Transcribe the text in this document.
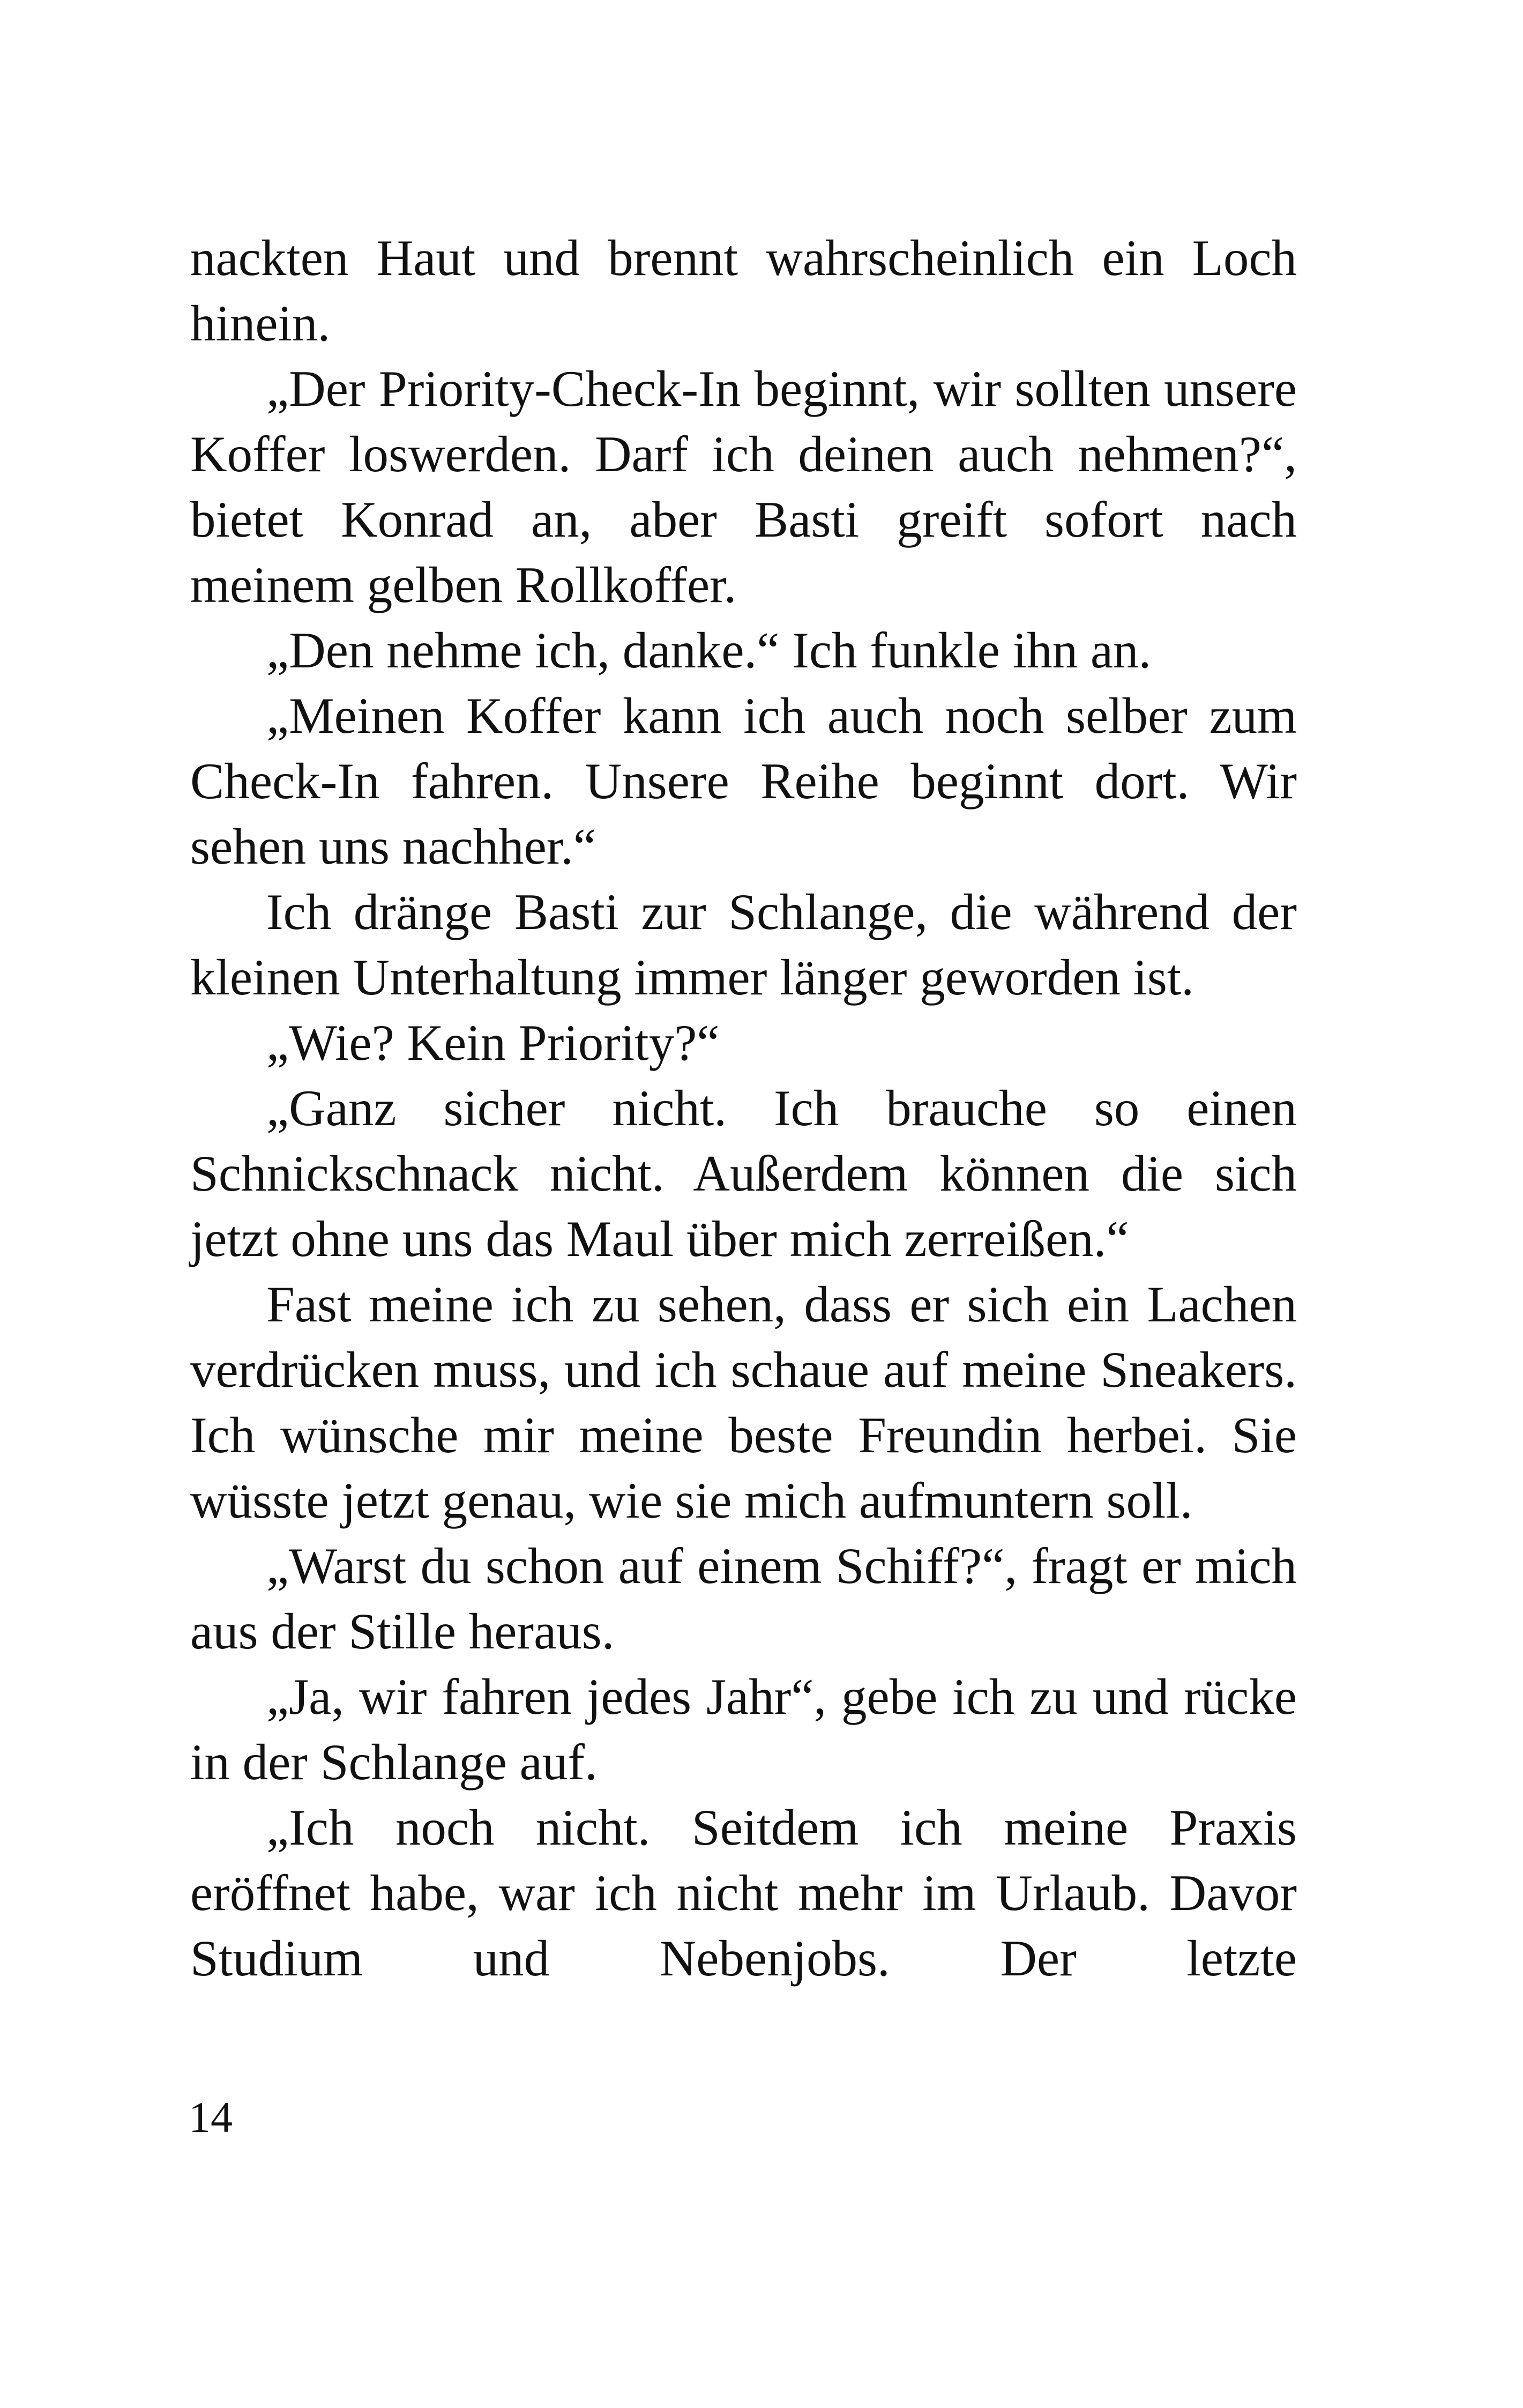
nackten Haut und brennt wahrscheinlich ein Loch hinein.

„Der Priority-Check-In beginnt, wir sollten unsere Koffer loswerden. Darf ich deinen auch nehmen?“, bietet Konrad an, aber Basti greift sofort nach meinem gelben Rollkoffer.

„Den nehme ich, danke.“ Ich funkle ihn an.

„Meinen Koffer kann ich auch noch selber zum Check-In fahren. Unsere Reihe beginnt dort. Wir sehen uns nachher.“

Ich dränge Basti zur Schlange, die während der kleinen Unterhaltung immer länger geworden ist.

„Wie? Kein Priority?“

„Ganz sicher nicht. Ich brauche so einen Schnickschnack nicht. Außerdem können die sich jetzt ohne uns das Maul über mich zerreißen.“

Fast meine ich zu sehen, dass er sich ein Lachen verdrücken muss, und ich schaue auf meine Sneakers. Ich wünsche mir meine beste Freundin herbei. Sie wüsste jetzt genau, wie sie mich aufmuntern soll.

„Warst du schon auf einem Schiff?“, fragt er mich aus der Stille heraus.

„Ja, wir fahren jedes Jahr“, gebe ich zu und rücke in der Schlange auf.

„Ich noch nicht. Seitdem ich meine Praxis eröffnet habe, war ich nicht mehr im Urlaub. Davor Studium und Nebenjobs. Der letzte

14
